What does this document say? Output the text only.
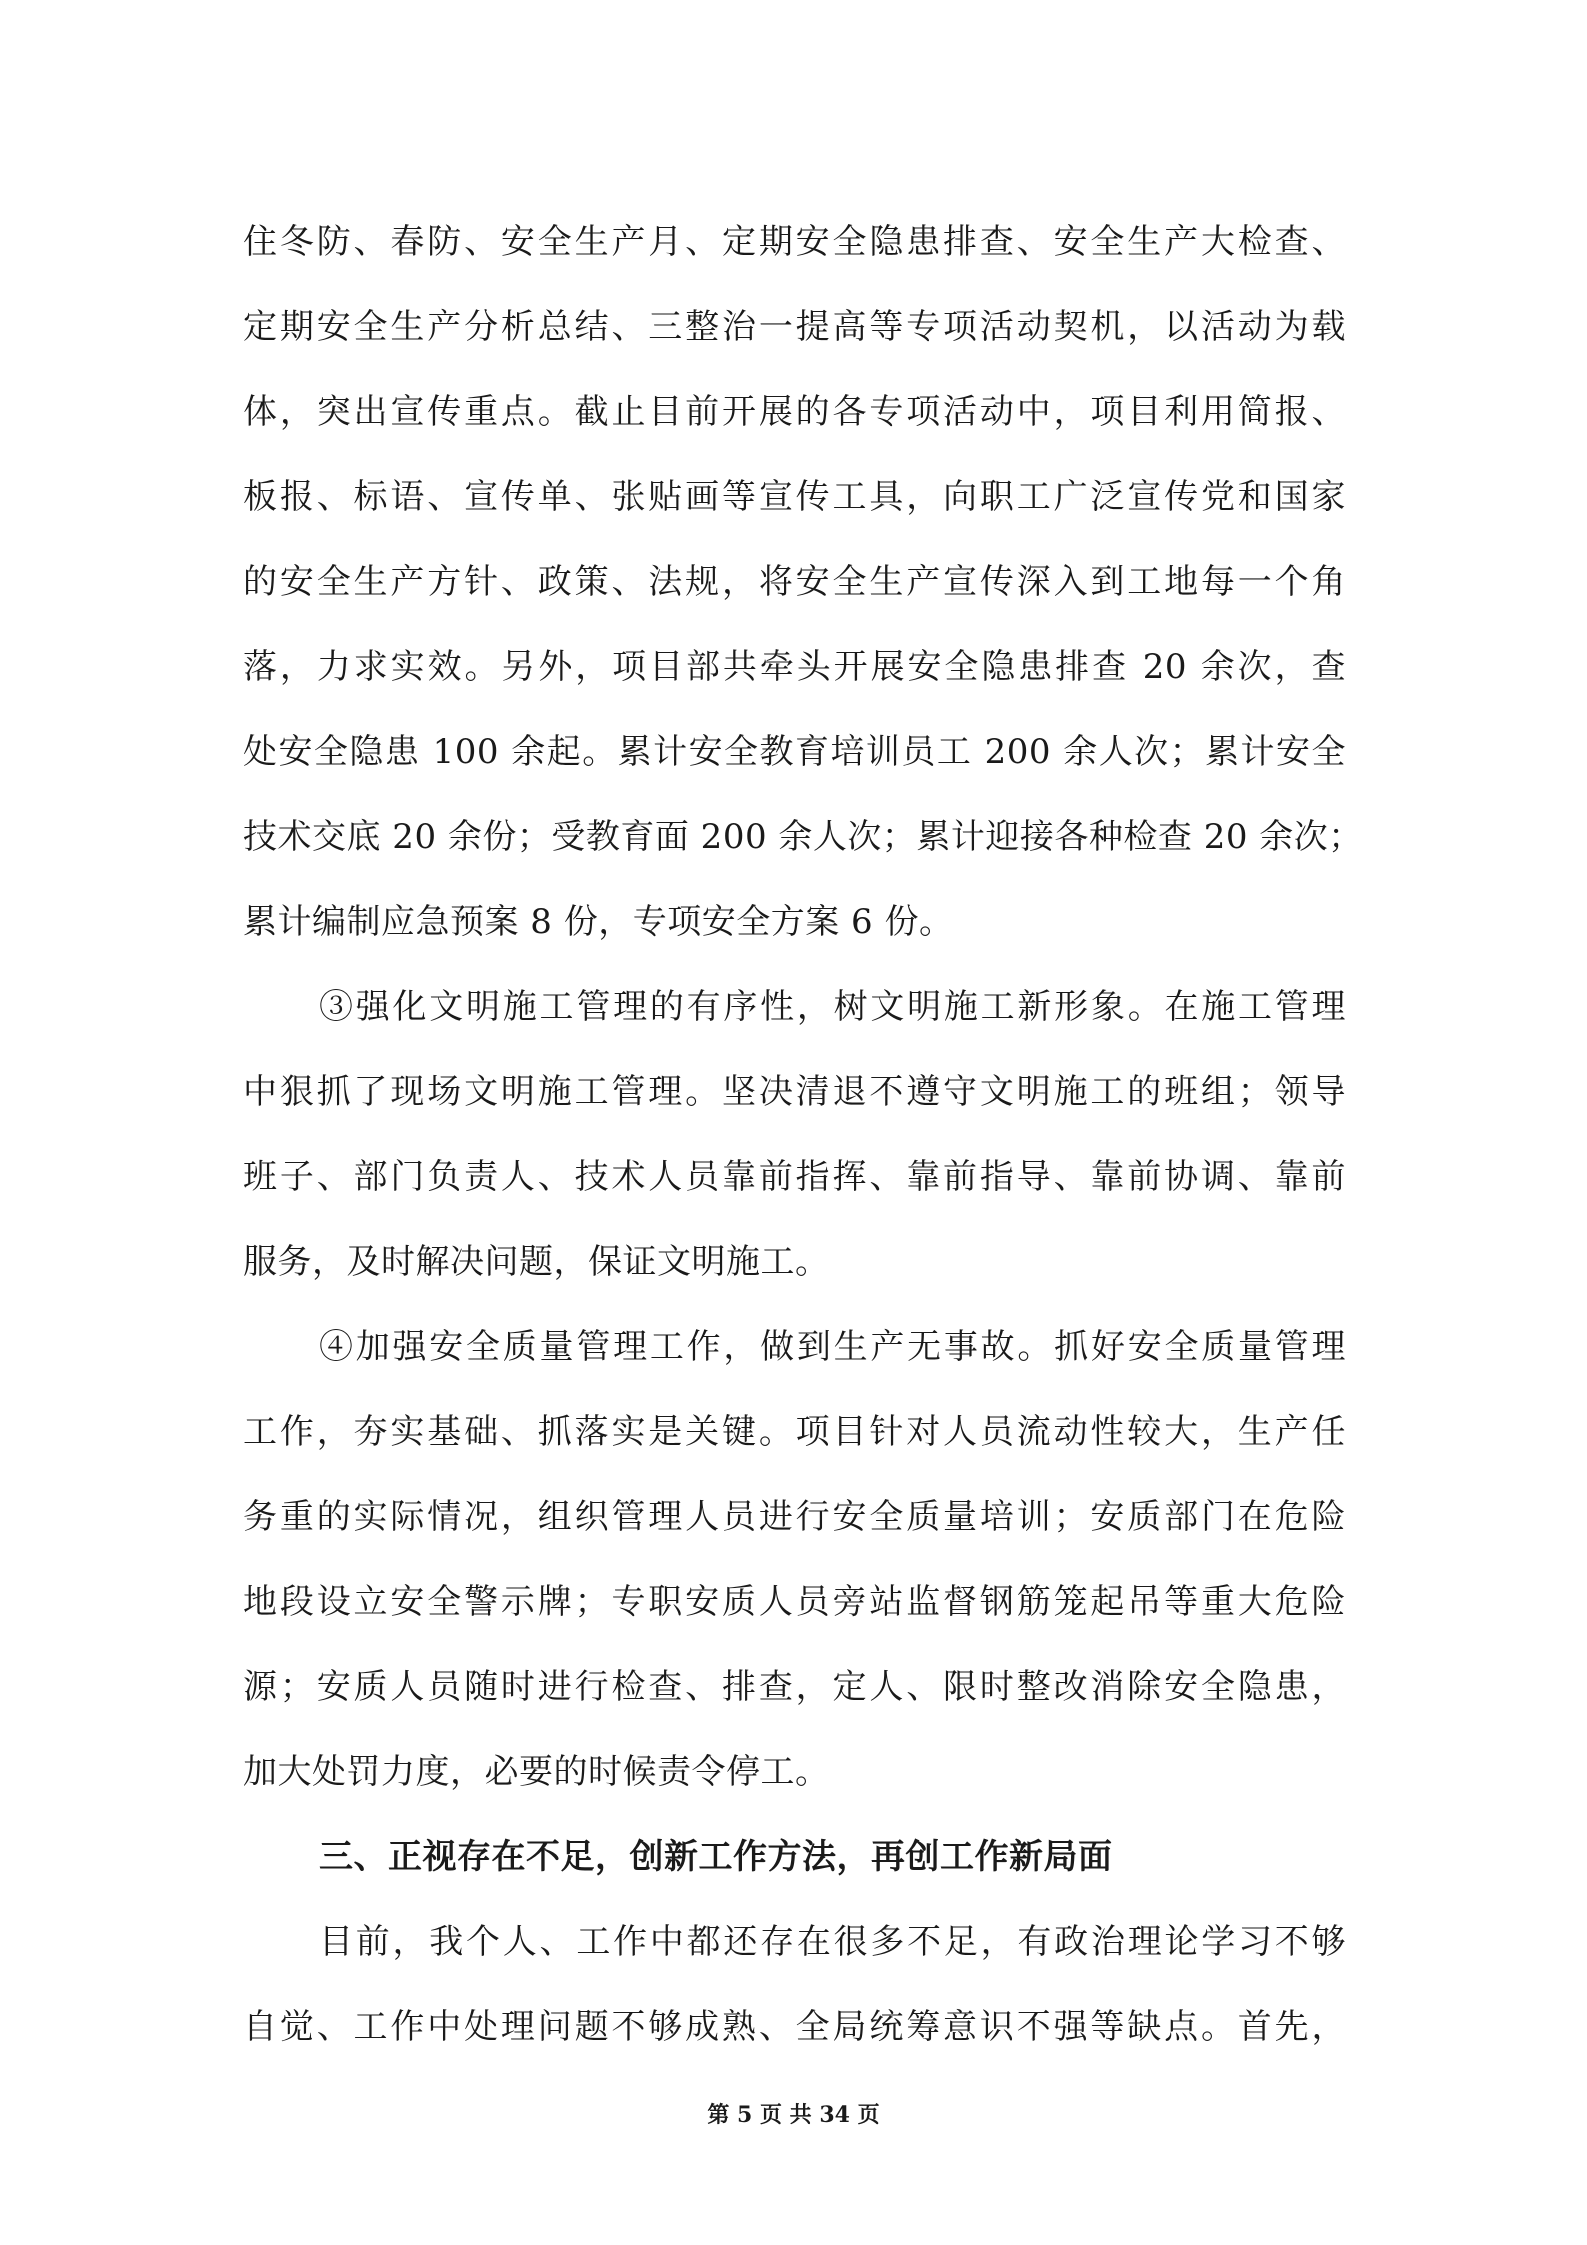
住冬防、春防、安全生产月、定期安全隐患排查、安全生产大检查、
定期安全生产分析总结、三整治一提高等专项活动契机，以活动为载
体，突出宣传重点。截止目前开展的各专项活动中，项目利用简报、
板报、标语、宣传单、张贴画等宣传工具，向职工广泛宣传党和国家
的安全生产方针、政策、法规，将安全生产宣传深入到工地每一个角
落，力求实效。另外，项目部共牵头开展安全隐患排查 20 余次，查
处安全隐患 100 余起。累计安全教育培训员工 200 余人次；累计安全
技术交底 20 余份；受教育面 200 余人次；累计迎接各种检查 20 余次；
累计编制应急预案 8 份，专项安全方案 6 份。
③强化文明施工管理的有序性，树文明施工新形象。在施工管理
中狠抓了现场文明施工管理。坚决清退不遵守文明施工的班组；领导
班子、部门负责人、技术人员靠前指挥、靠前指导、靠前协调、靠前
服务，及时解决问题，保证文明施工。
④加强安全质量管理工作，做到生产无事故。抓好安全质量管理
工作，夯实基础、抓落实是关键。项目针对人员流动性较大，生产任
务重的实际情况，组织管理人员进行安全质量培训；安质部门在危险
地段设立安全警示牌；专职安质人员旁站监督钢筋笼起吊等重大危险
源；安质人员随时进行检查、排查，定人、限时整改消除安全隐患，
加大处罚力度，必要的时候责令停工。
三、正视存在不足，创新工作方法，再创工作新局面
目前，我个人、工作中都还存在很多不足，有政治理论学习不够
自觉、工作中处理问题不够成熟、全局统筹意识不强等缺点。首先，
第 5 页 共 34 页
